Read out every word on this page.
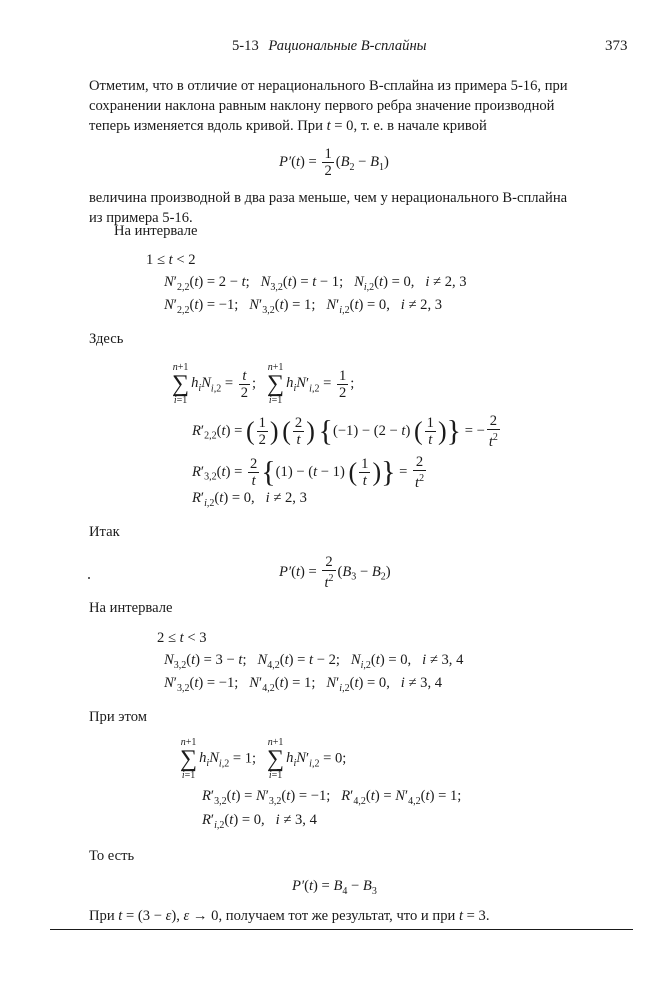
5-13 Рациональные B-сплайны	373
Отметим, что в отличие от нерационального B-сплайна из примера 5-16, при
сохранении наклона равным наклону первого ребра значение производной
теперь изменяется вдоль кривой. При t = 0, т. е. в начале кривой
$P'(t) = \frac{1}{2} (B_2 - B_1)$
величина производной в два раза меньше, чем у нерационального B-сплайна
из примера 5-16.
На интервале
1 ≤ t < 2
$N'_{2,2}(t) = 2 - t$;   $N_{3,2}(t) = t - 1$;   $N_{i,2}(t) = 0$,   i ≠ 2, 3
$N'_{2,2}(t) = -1$;   $N'_{3,2}(t) = 1$;   $N'_{i,2}(t) = 0$,   i ≠ 2, 3
Здесь
n+1
∑
i=1
$h_iN_{i,2} = \frac{t}{2}$ ;
n+1
∑
i=1
$h_iN'_{i,2} = \frac{1}{2}$ ;
$R'_{2,2}(t)$ = ( $\frac{1}{2}$ ) ( $\frac{2}{t}$ ) {(−1) − (2 − t) ( $\frac{1}{t}$ )} = − $\frac{2}{t^2}$
$R'_{3,2}(t) = \frac{2}{t} \{(1) - (t - 1)$ ( $\frac{1}{t}$ )} = $\frac{2}{t^2}$
$R'_{i,2}(t) = 0$,   i ≠ 2, 3
Итак
$P'(t) = \frac{2}{t^2} (B_3 - B_2)$
На интервале
2 ≤ t < 3
$N_{3,2}(t) = 3 - t$;   $N_{4,2}(t) = t - 2$;   $N_{i,2}(t) = 0$,   i ≠ 3, 4
$N'_{3,2}(t) = -1$;   $N'_{4,2}(t) = 1$;   $N'_{i,2}(t) = 0$,   i ≠ 3, 4
При этом
n+1
∑
i=1
$h_iN_{i,2} = 1$;
n+1
∑
i=1
$h_iN'_{i,2} = 0$;
$R'_{3,2}(t) = N'_{3,2}(t) = -1$;   $R'_{4,2}(t) = N'_{4,2}(t) = 1$;
$R'_{i,2}(t) = 0$,   i ≠ 3, 4
То есть
$P'(t) = B_4 - B_3$
При t = (3 − ε), ε → 0, получаем тот же результат, что и при t = 3.
